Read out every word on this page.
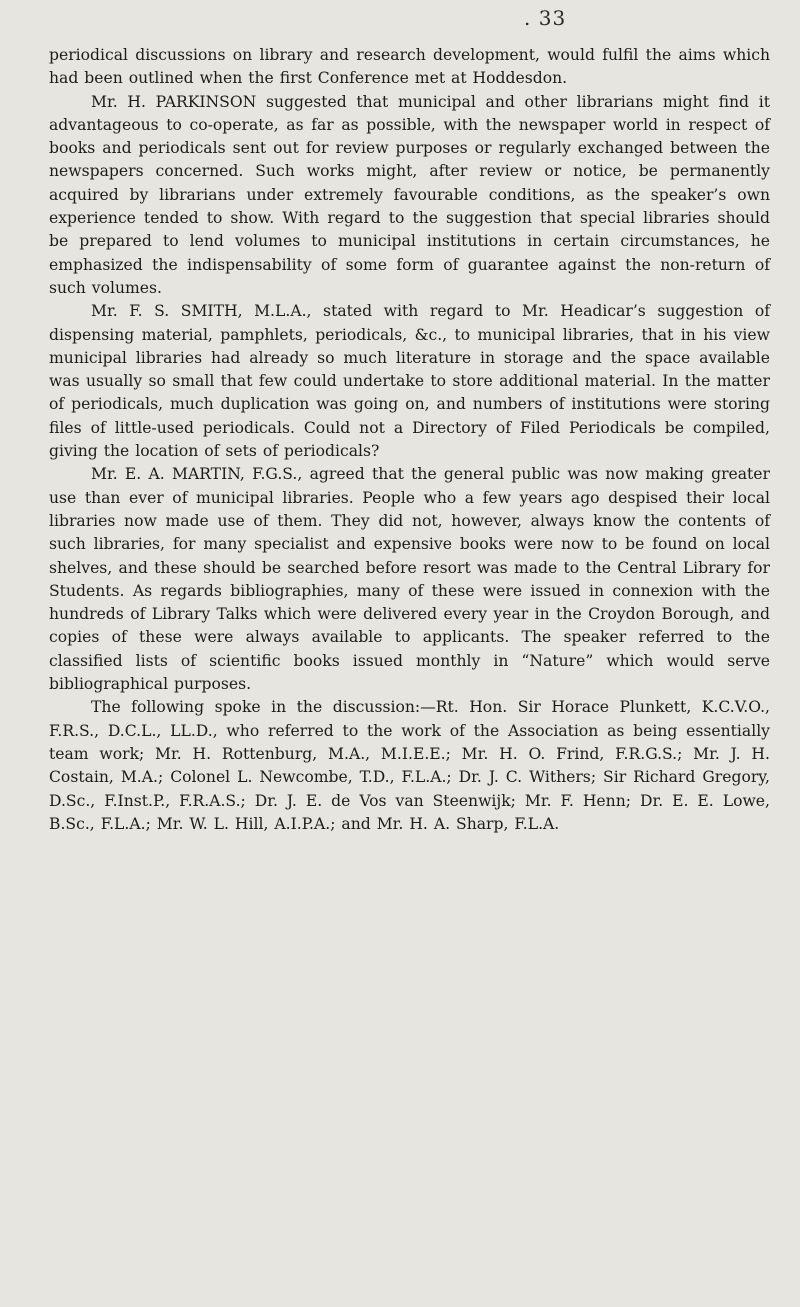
. 33

periodical discussions on library and research development, would fulfil the aims which had been outlined when the first Conference met at Hoddesdon.

Mr. H. PARKINSON suggested that municipal and other librarians might find it advantageous to co-operate, as far as possible, with the newspaper world in respect of books and periodicals sent out for review purposes or regularly exchanged between the newspapers concerned. Such works might, after review or notice, be permanently acquired by librarians under extremely favourable conditions, as the speaker’s own experience tended to show. With regard to the suggestion that special libraries should be prepared to lend volumes to municipal institutions in certain circumstances, he emphasized the indispensability of some form of guarantee against the non-return of such volumes.

Mr. F. S. SMITH, M.L.A., stated with regard to Mr. Headicar’s suggestion of dispensing material, pamphlets, periodicals, &c., to municipal libraries, that in his view municipal libraries had already so much literature in storage and the space available was usually so small that few could undertake to store additional material. In the matter of periodicals, much duplication was going on, and numbers of institutions were storing files of little-used periodicals. Could not a Directory of Filed Periodicals be compiled, giving the location of sets of periodicals?

Mr. E. A. MARTIN, F.G.S., agreed that the general public was now making greater use than ever of municipal libraries. People who a few years ago despised their local libraries now made use of them. They did not, however, always know the contents of such libraries, for many specialist and expensive books were now to be found on local shelves, and these should be searched before resort was made to the Central Library for Students. As regards bibliographies, many of these were issued in connexion with the hundreds of Library Talks which were delivered every year in the Croydon Borough, and copies of these were always available to applicants. The speaker referred to the classified lists of scientific books issued monthly in “Nature” which would serve bibliographical purposes.

The following spoke in the discussion:—Rt. Hon. Sir Horace Plunkett, K.C.V.O., F.R.S., D.C.L., LL.D., who referred to the work of the Association as being essentially team work; Mr. H. Rottenburg, M.A., M.I.E.E.; Mr. H. O. Frind, F.R.G.S.; Mr. J. H. Costain, M.A.; Colonel L. Newcombe, T.D., F.L.A.; Dr. J. C. Withers; Sir Richard Gregory, D.Sc., F.Inst.P., F.R.A.S.; Dr. J. E. de Vos van Steenwijk; Mr. F. Henn; Dr. E. E. Lowe, B.Sc., F.L.A.; Mr. W. L. Hill, A.I.P.A.; and Mr. H. A. Sharp, F.L.A.
